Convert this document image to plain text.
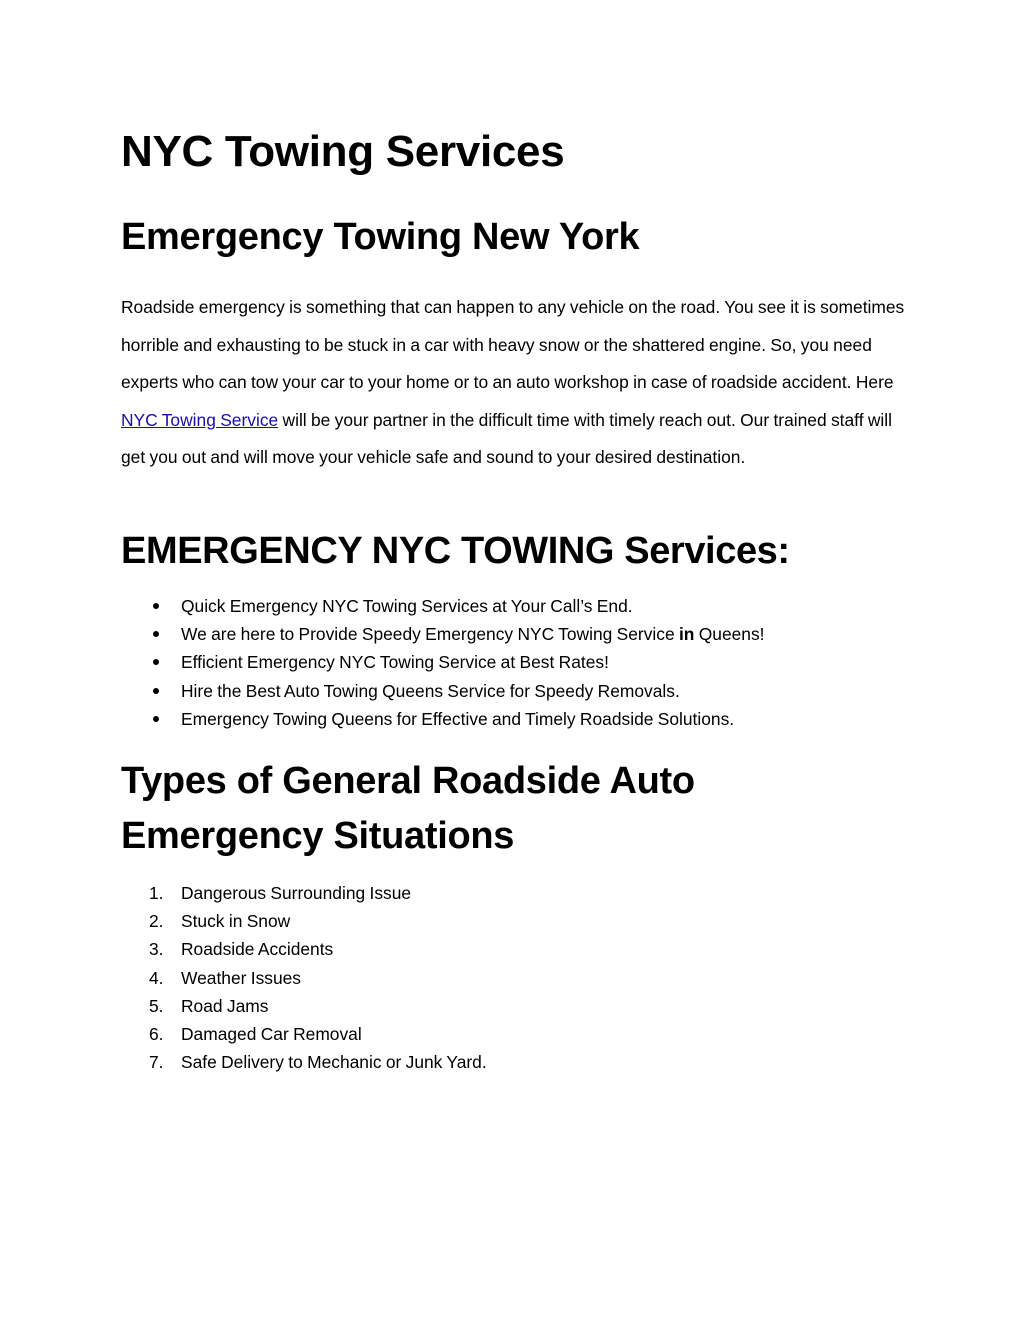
NYC Towing Services
Emergency Towing New York

Roadside emergency is something that can happen to any vehicle on the road. You see it is sometimes horrible and exhausting to be stuck in a car with heavy snow or the shattered engine. So, you need experts who can tow your car to your home or to an auto workshop in case of roadside accident. Here NYC Towing Service will be your partner in the difficult time with timely reach out. Our trained staff will get you out and will move your vehicle safe and sound to your desired destination.

EMERGENCY NYC TOWING Services:
Quick Emergency NYC Towing Services at Your Call’s End.
We are here to Provide Speedy Emergency NYC Towing Service in Queens!
Efficient Emergency NYC Towing Service at Best Rates!
Hire the Best Auto Towing Queens Service for Speedy Removals.
Emergency Towing Queens for Effective and Timely Roadside Solutions.
Types of General Roadside Auto Emergency Situations
1. Dangerous Surrounding Issue
2. Stuck in Snow
3. Roadside Accidents
4. Weather Issues
5. Road Jams
6. Damaged Car Removal
7. Safe Delivery to Mechanic or Junk Yard.
